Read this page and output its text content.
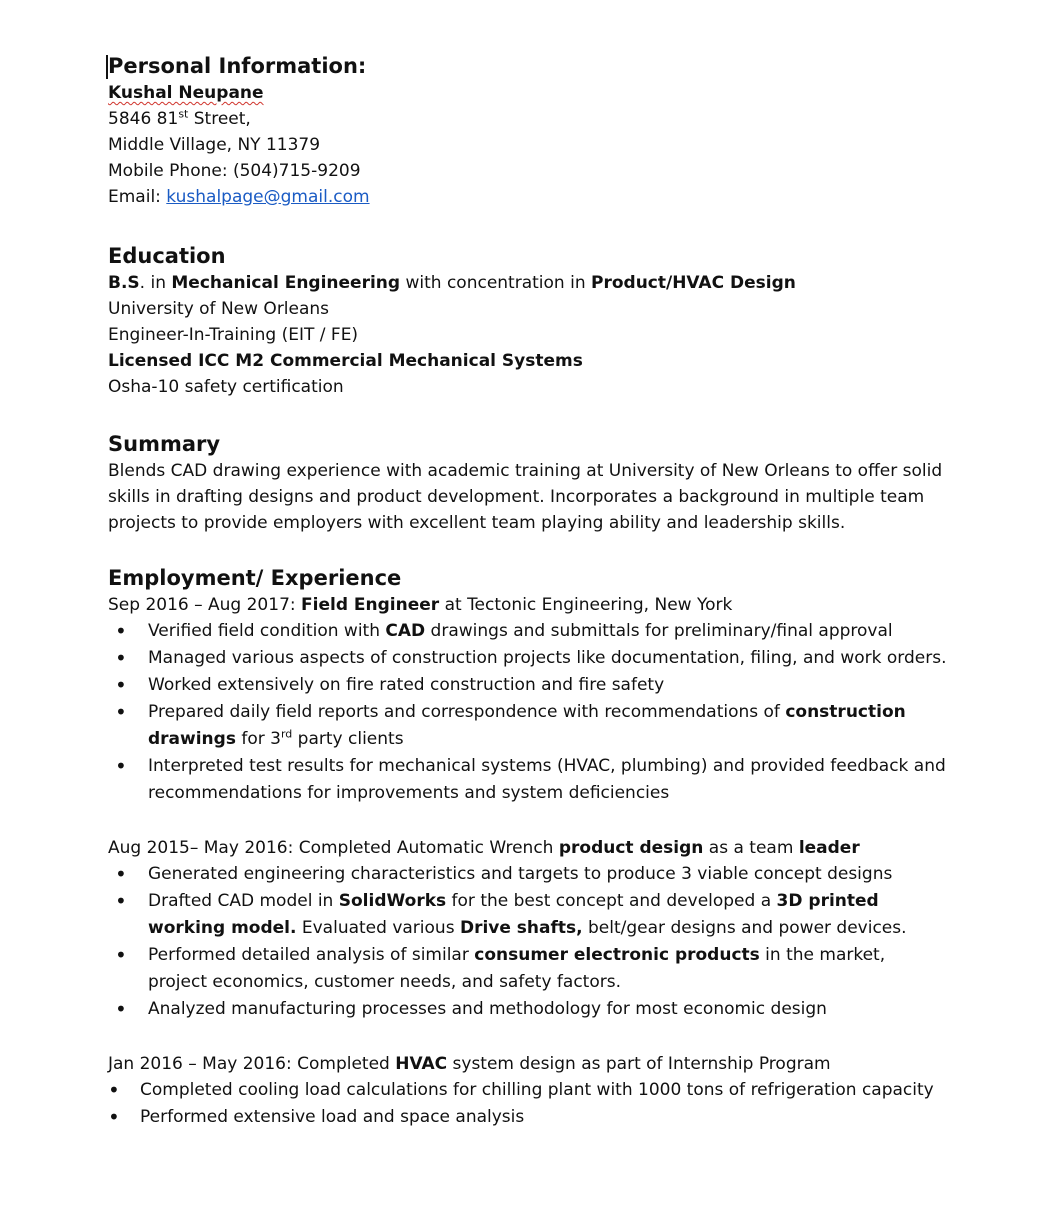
Personal Information:
Kushal Neupane
5846 81st Street,
Middle Village, NY 11379
Mobile Phone: (504)715-9209
Email: kushalpage@gmail.com
Education
B.S. in Mechanical Engineering with concentration in Product/HVAC Design
University of New Orleans
Engineer-In-Training (EIT / FE)
Licensed ICC M2 Commercial Mechanical Systems
Osha-10 safety certification
Summary
Blends CAD drawing experience with academic training at University of New Orleans to offer solid skills in drafting designs and product development. Incorporates a background in multiple team projects to provide employers with excellent team playing ability and leadership skills.
Employment/ Experience
Sep 2016 – Aug 2017: Field Engineer at Tectonic Engineering, New York
• Verified field condition with CAD drawings and submittals for preliminary/final approval
• Managed various aspects of construction projects like documentation, filing, and work orders.
• Worked extensively on fire rated construction and fire safety
• Prepared daily field reports and correspondence with recommendations of construction drawings for 3rd party clients
• Interpreted test results for mechanical systems (HVAC, plumbing) and provided feedback and recommendations for improvements and system deficiencies
Aug 2015– May 2016: Completed Automatic Wrench product design as a team leader
• Generated engineering characteristics and targets to produce 3 viable concept designs
• Drafted CAD model in SolidWorks for the best concept and developed a 3D printed working model. Evaluated various Drive shafts, belt/gear designs and power devices.
• Performed detailed analysis of similar consumer electronic products in the market, project economics, customer needs, and safety factors.
• Analyzed manufacturing processes and methodology for most economic design
Jan 2016 – May 2016: Completed HVAC system design as part of Internship Program
• Completed cooling load calculations for chilling plant with 1000 tons of refrigeration capacity
• Performed extensive load and space analysis
